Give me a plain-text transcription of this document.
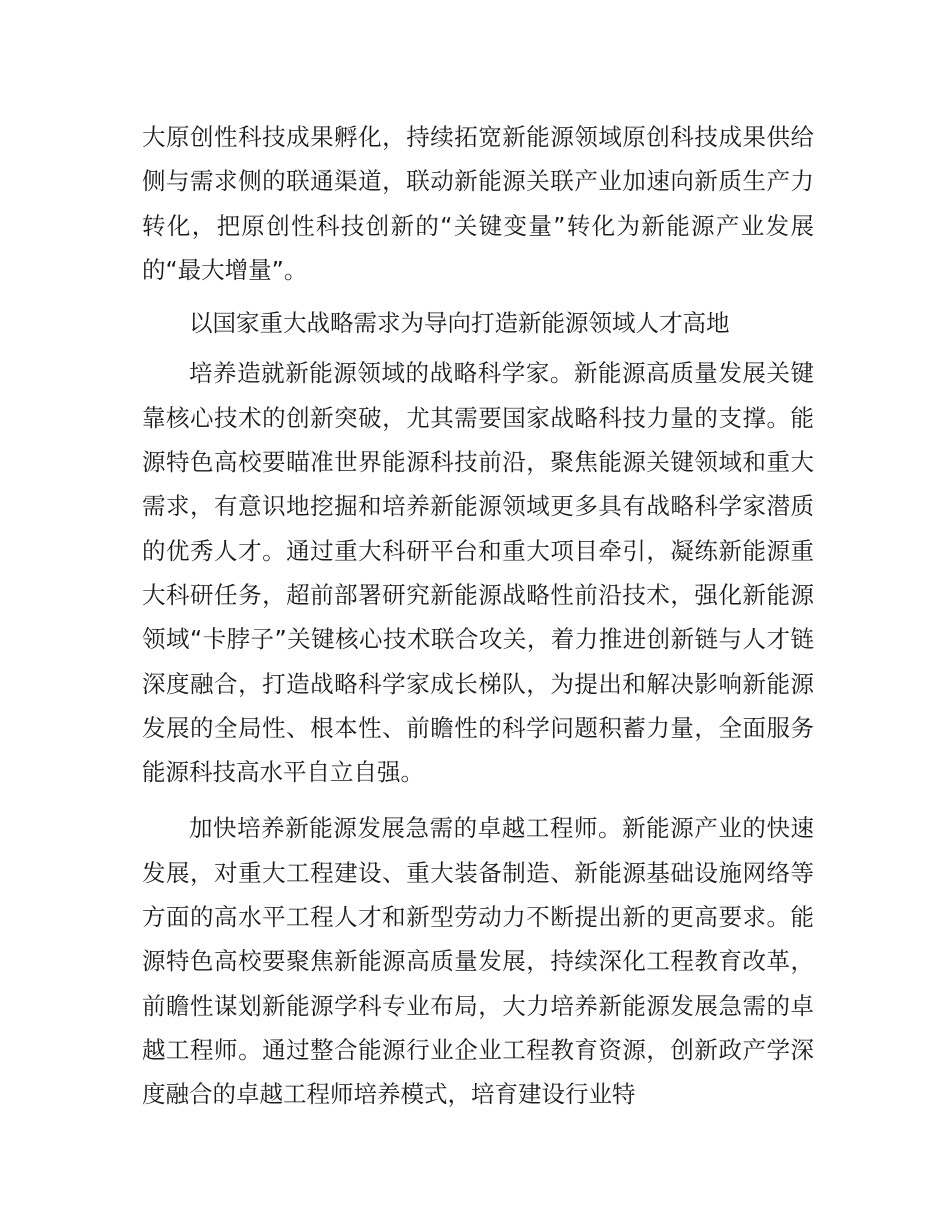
大原创性科技成果孵化，持续拓宽新能源领域原创科技成果供给侧与需求侧的联通渠道，联动新能源关联产业加速向新质生产力转化，把原创性科技创新的“关键变量”转化为新能源产业发展的“最大增量”。

以国家重大战略需求为导向打造新能源领域人才高地

培养造就新能源领域的战略科学家。新能源高质量发展关键靠核心技术的创新突破，尤其需要国家战略科技力量的支撑。能源特色高校要瞄准世界能源科技前沿，聚焦能源关键领域和重大需求，有意识地挖掘和培养新能源领域更多具有战略科学家潜质的优秀人才。通过重大科研平台和重大项目牵引，凝练新能源重大科研任务，超前部署研究新能源战略性前沿技术，强化新能源领域“卡脖子”关键核心技术联合攻关，着力推进创新链与人才链深度融合，打造战略科学家成长梯队，为提出和解决影响新能源发展的全局性、根本性、前瞻性的科学问题积蓄力量，全面服务能源科技高水平自立自强。

加快培养新能源发展急需的卓越工程师。新能源产业的快速发展，对重大工程建设、重大装备制造、新能源基础设施网络等方面的高水平工程人才和新型劳动力不断提出新的更高要求。能源特色高校要聚焦新能源高质量发展，持续深化工程教育改革，前瞻性谋划新能源学科专业布局，大力培养新能源发展急需的卓越工程师。通过整合能源行业企业工程教育资源，创新政产学深度融合的卓越工程师培养模式，培育建设行业特
